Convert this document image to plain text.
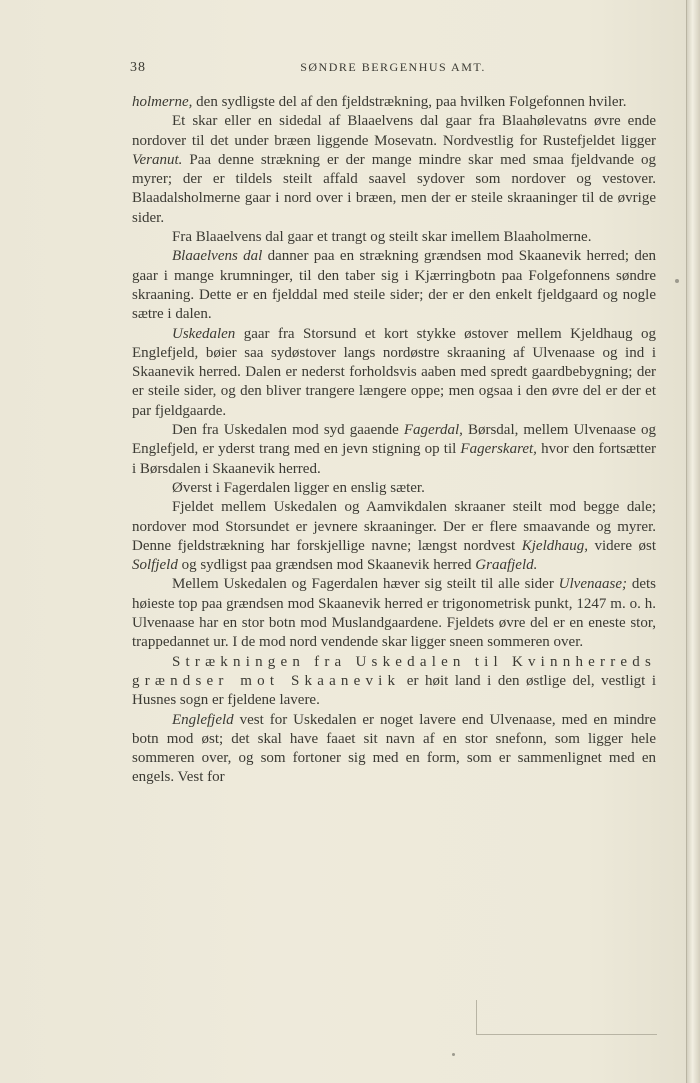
38	SØNDRE BERGENHUS AMT.

holmerne, den sydligste del af den fjeldstrækning, paa hvilken Folgefonnen hviler.

Et skar eller en sidedal af Blaaelvens dal gaar fra Blaahølevatns øvre ende nordover til det under bræen liggende Mosevatn. Nordvestlig for Rustefjeldet ligger Veranut. Paa denne strækning er der mange mindre skar med smaa fjeldvande og myrer; der er tildels steilt affald saavel sydover som nordover og vestover. Blaadalsholmerne gaar i nord over i bræen, men der er steile skraaninger til de øvrige sider.

Fra Blaaelvens dal gaar et trangt og steilt skar imellem Blaaholmerne.

Blaaelvens dal danner paa en strækning grændsen mod Skaanevik herred; den gaar i mange krumninger, til den taber sig i Kjærringbotn paa Folgefonnens søndre skraaning. Dette er en fjelddal med steile sider; der er den enkelt fjeldgaard og nogle sætre i dalen.

Uskedalen gaar fra Storsund et kort stykke østover mellem Kjeldhaug og Englefjeld, bøier saa sydøstover langs nordøstre skraaning af Ulvenaase og ind i Skaanevik herred. Dalen er nederst forholdsvis aaben med spredt gaardbebygning; der er steile sider, og den bliver trangere længere oppe; men ogsaa i den øvre del er der et par fjeldgaarde.

Den fra Uskedalen mod syd gaaende Fagerdal, Børsdal, mellem Ulvenaase og Englefjeld, er yderst trang med en jevn stigning op til Fagerskaret, hvor den fortsætter i Børsdalen i Skaanevik herred.

Øverst i Fagerdalen ligger en enslig sæter.

Fjeldet mellem Uskedalen og Aamvikdalen skraaner steilt mod begge dale; nordover mod Storsundet er jevnere skraaninger. Der er flere smaavande og myrer. Denne fjeldstrækning har forskjellige navne; længst nordvest Kjeldhaug, videre øst Solfjeld og sydligst paa grændsen mod Skaanevik herred Graafjeld.

Mellem Uskedalen og Fagerdalen hæver sig steilt til alle sider Ulvenaase; dets høieste top paa grændsen mod Skaanevik herred er trigonometrisk punkt, 1247 m. o. h. Ulvenaase har en stor botn mod Muslandgaardene. Fjeldets øvre del er en eneste stor, trappedannet ur. I de mod nord vendende skar ligger sneen sommeren over.

Strækningen fra Uskedalen til Kvinnherreds grændser mot Skaanevik er høit land i den østlige del, vestligt i Husnes sogn er fjeldene lavere.

Englefjeld vest for Uskedalen er noget lavere end Ulvenaase, med en mindre botn mod øst; det skal have faaet sit navn af en stor snefonn, som ligger hele sommeren over, og som fortoner sig med en form, som er sammenlignet med en engels. Vest for
